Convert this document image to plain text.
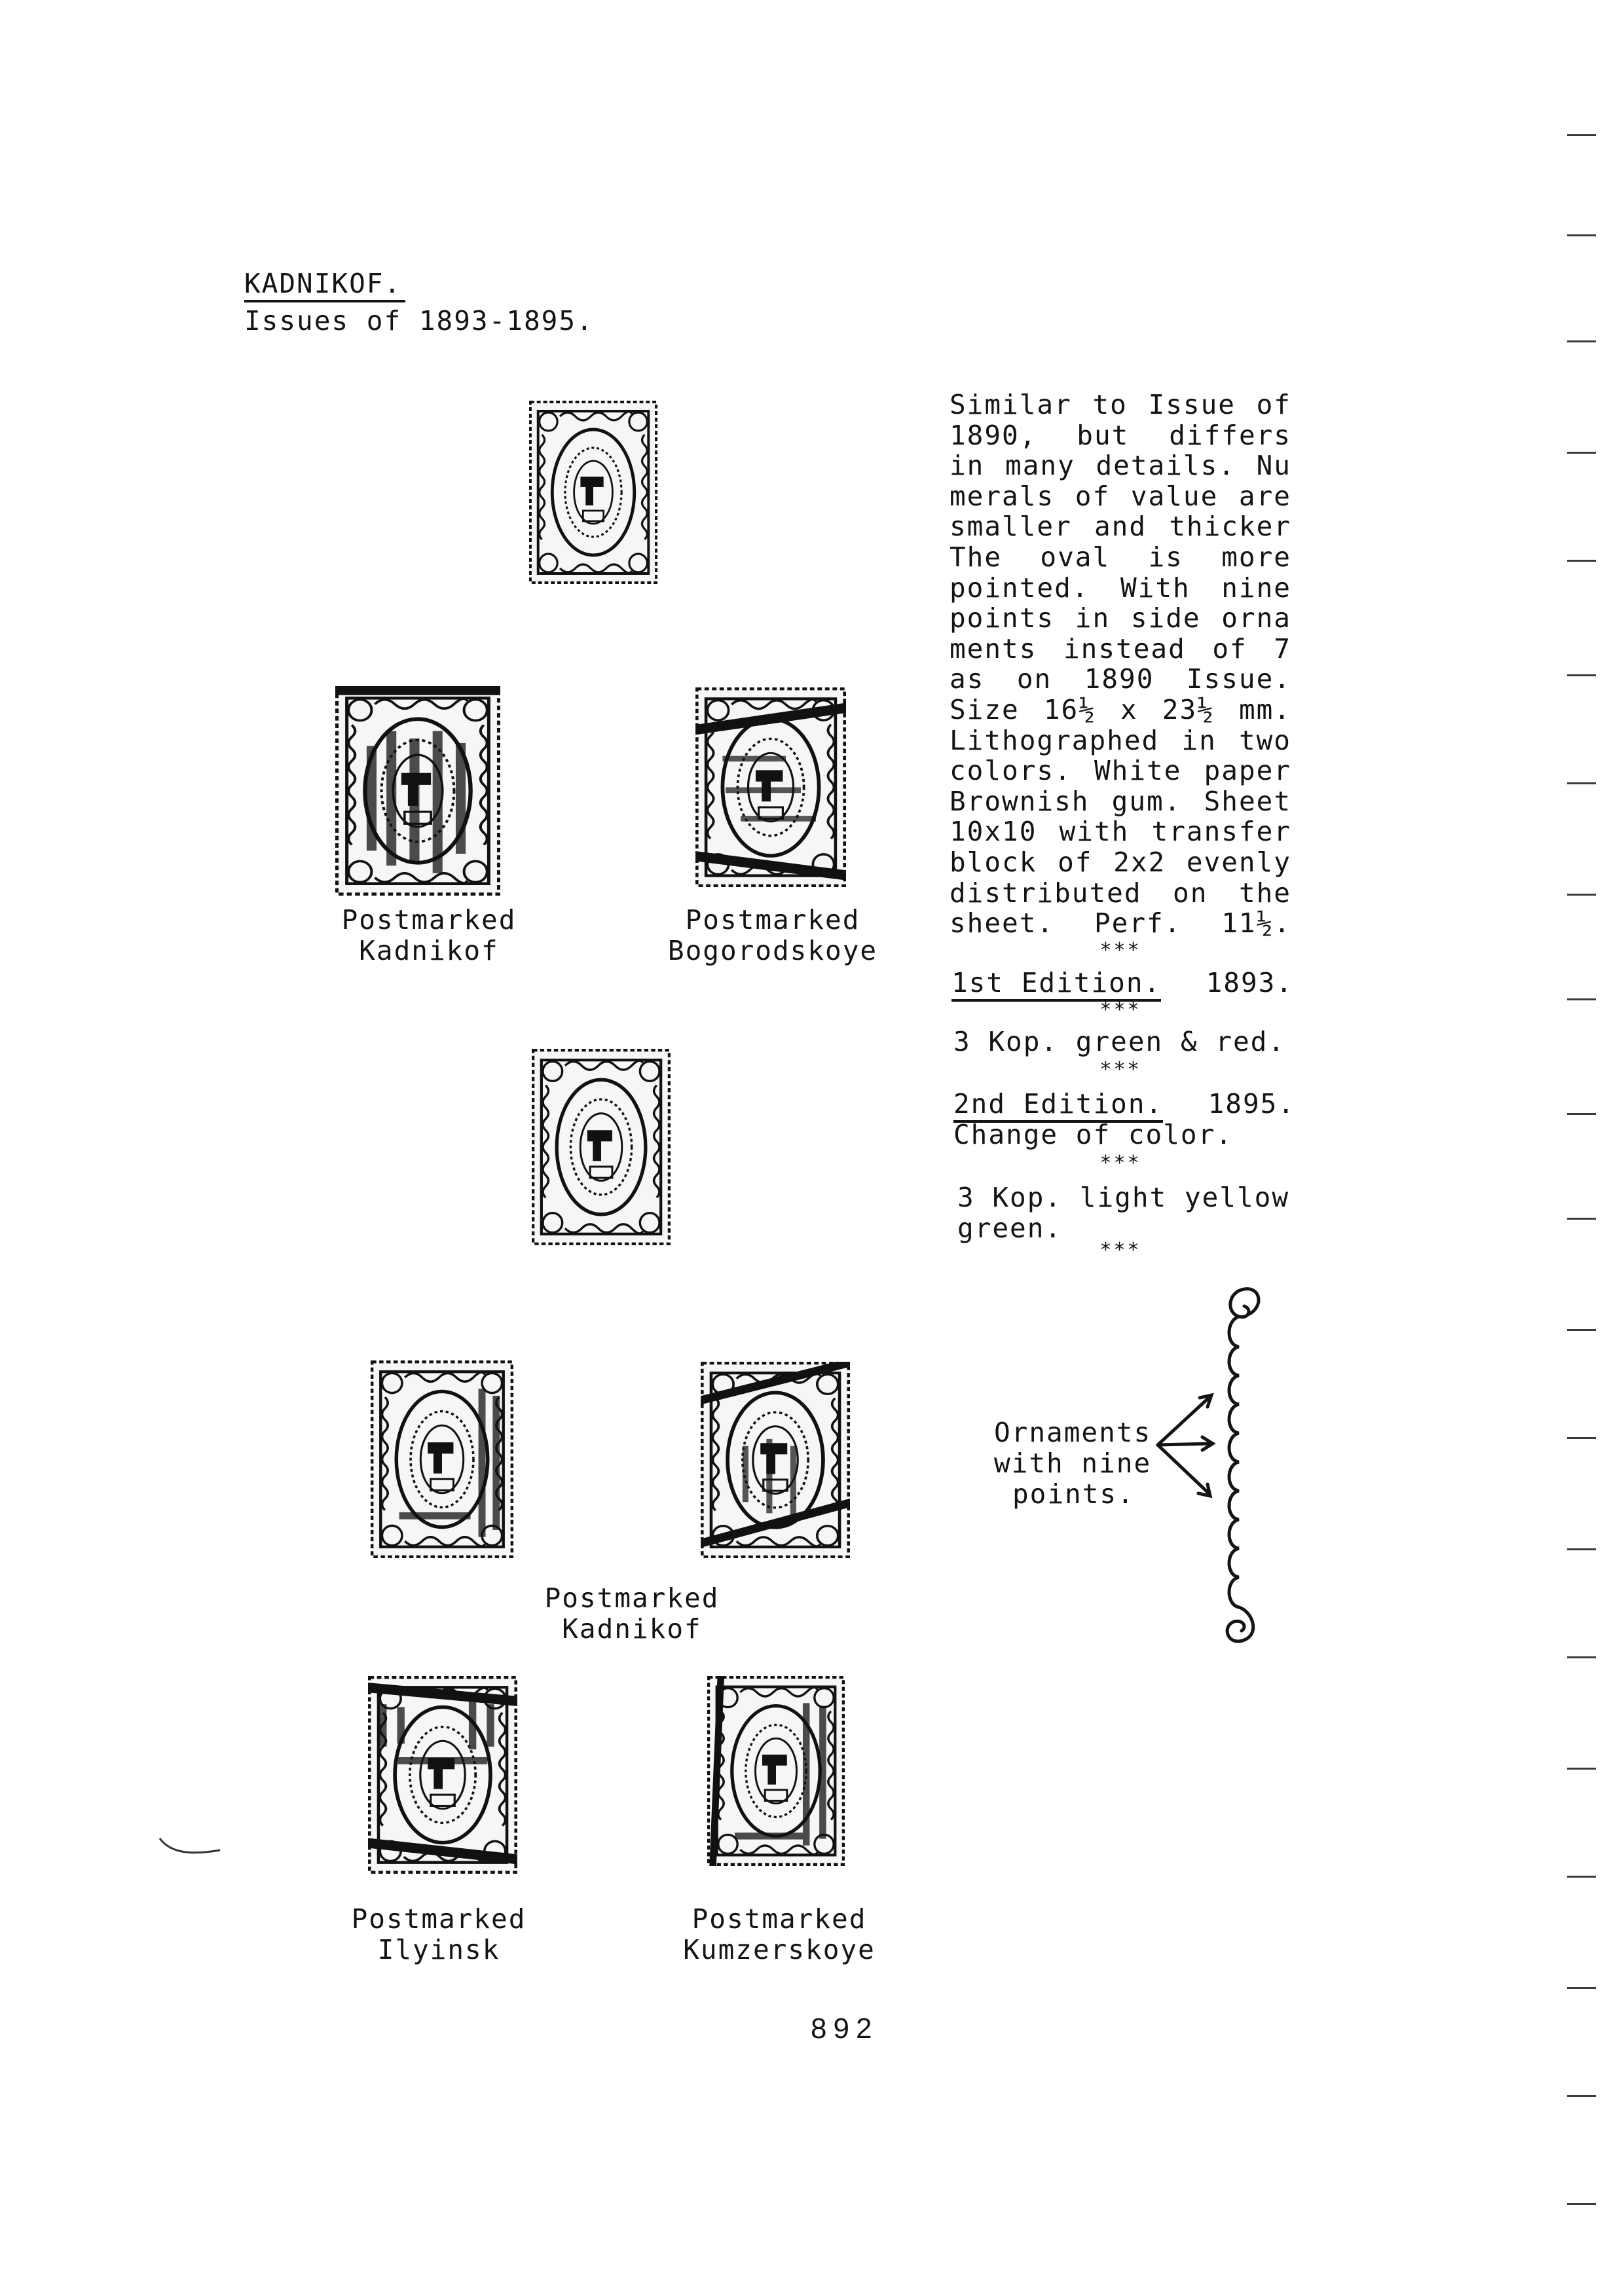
KADNIKOF.
Issues of 1893-1895.
Postmarked
Kadnikof
Postmarked
Bogorodskoye
Postmarked
Kadnikof
Postmarked
Ilyinsk
Postmarked
Kumzerskoye
Similar to Issue of
1890, but differs
in many details. Nu
merals of value are
smaller and thicker
The oval is more
pointed. With nine
points in side orna
ments instead of 7
as on 1890 Issue.
Size 16½ x 23½ mm.
Lithographed in two
colors. White paper
Brownish gum. Sheet
10x10 with transfer
block of 2x2 evenly
distributed on the
sheet. Perf. 11½.
***
1st Edition. 1893.
***
3 Kop. green & red.
***
2nd Edition. 1895.
Change of color.
***
3 Kop. light yellow
green.
***
Ornaments
with nine
points.
892
